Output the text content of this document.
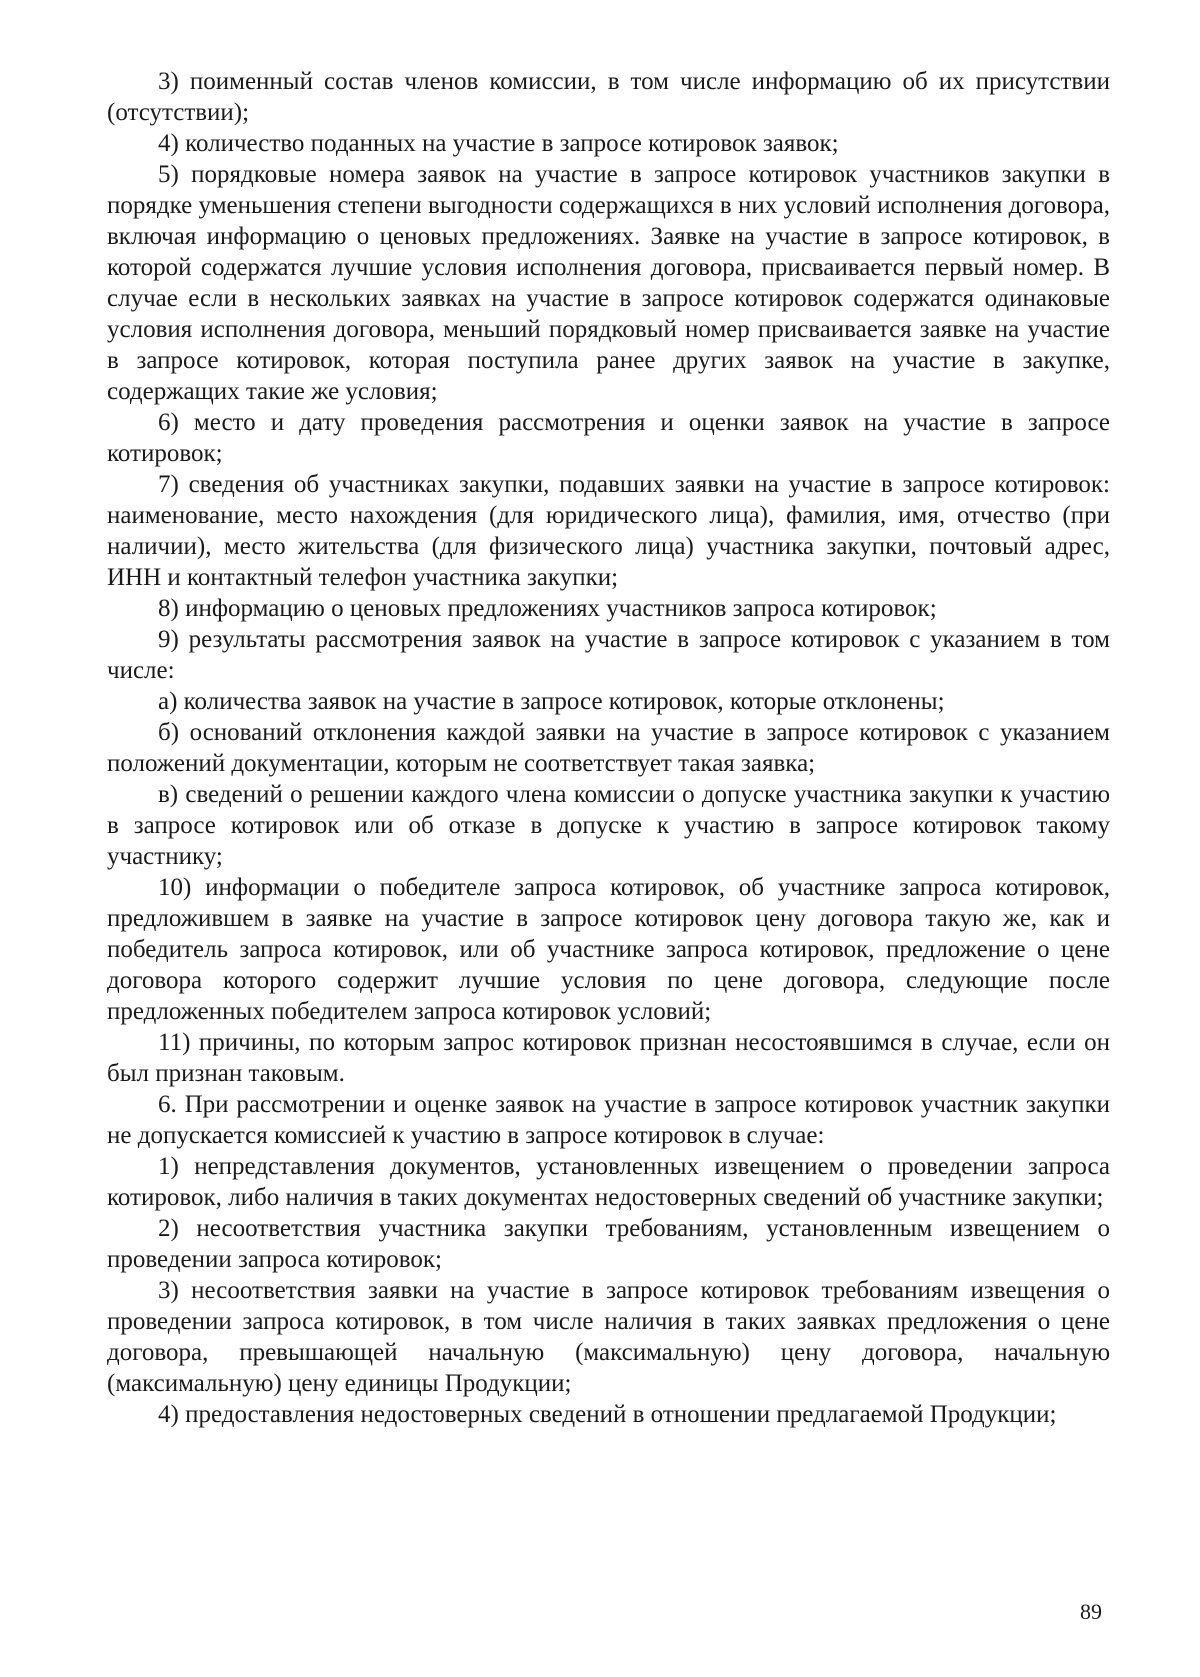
3) поименный состав членов комиссии, в том числе информацию об их присутствии (отсутствии);

4) количество поданных на участие в запросе котировок заявок;

5) порядковые номера заявок на участие в запросе котировок участников закупки в порядке уменьшения степени выгодности содержащихся в них условий исполнения договора, включая информацию о ценовых предложениях. Заявке на участие в запросе котировок, в которой содержатся лучшие условия исполнения договора, присваивается первый номер. В случае если в нескольких заявках на участие в запросе котировок содержатся одинаковые условия исполнения договора, меньший порядковый номер присваивается заявке на участие в запросе котировок, которая поступила ранее других заявок на участие в закупке, содержащих такие же условия;

6) место и дату проведения рассмотрения и оценки заявок на участие в запросе котировок;

7) сведения об участниках закупки, подавших заявки на участие в запросе котировок: наименование, место нахождения (для юридического лица), фамилия, имя, отчество (при наличии), место жительства (для физического лица) участника закупки, почтовый адрес, ИНН и контактный телефон участника закупки;

8) информацию о ценовых предложениях участников запроса котировок;

9) результаты рассмотрения заявок на участие в запросе котировок с указанием в том числе:

а) количества заявок на участие в запросе котировок, которые отклонены;

б) оснований отклонения каждой заявки на участие в запросе котировок с указанием положений документации, которым не соответствует такая заявка;

в) сведений о решении каждого члена комиссии о допуске участника закупки к участию в запросе котировок или об отказе в допуске к участию в запросе котировок такому участнику;

10) информации о победителе запроса котировок, об участнике запроса котировок, предложившем в заявке на участие в запросе котировок цену договора такую же, как и победитель запроса котировок, или об участнике запроса котировок, предложение о цене договора которого содержит лучшие условия по цене договора, следующие после предложенных победителем запроса котировок условий;

11) причины, по которым запрос котировок признан несостоявшимся в случае, если он был признан таковым.

6. При рассмотрении и оценке заявок на участие в запросе котировок участник закупки не допускается комиссией к участию в запросе котировок в случае:

1) непредставления документов, установленных извещением о проведении запроса котировок, либо наличия в таких документах недостоверных сведений об участнике закупки;

2) несоответствия участника закупки требованиям, установленным извещением о проведении запроса котировок;

3) несоответствия заявки на участие в запросе котировок требованиям извещения о проведении запроса котировок, в том числе наличия в таких заявках предложения о цене договора, превышающей начальную (максимальную) цену договора, начальную (максимальную) цену единицы Продукции;

4) предоставления недостоверных сведений в отношении предлагаемой Продукции;

89
